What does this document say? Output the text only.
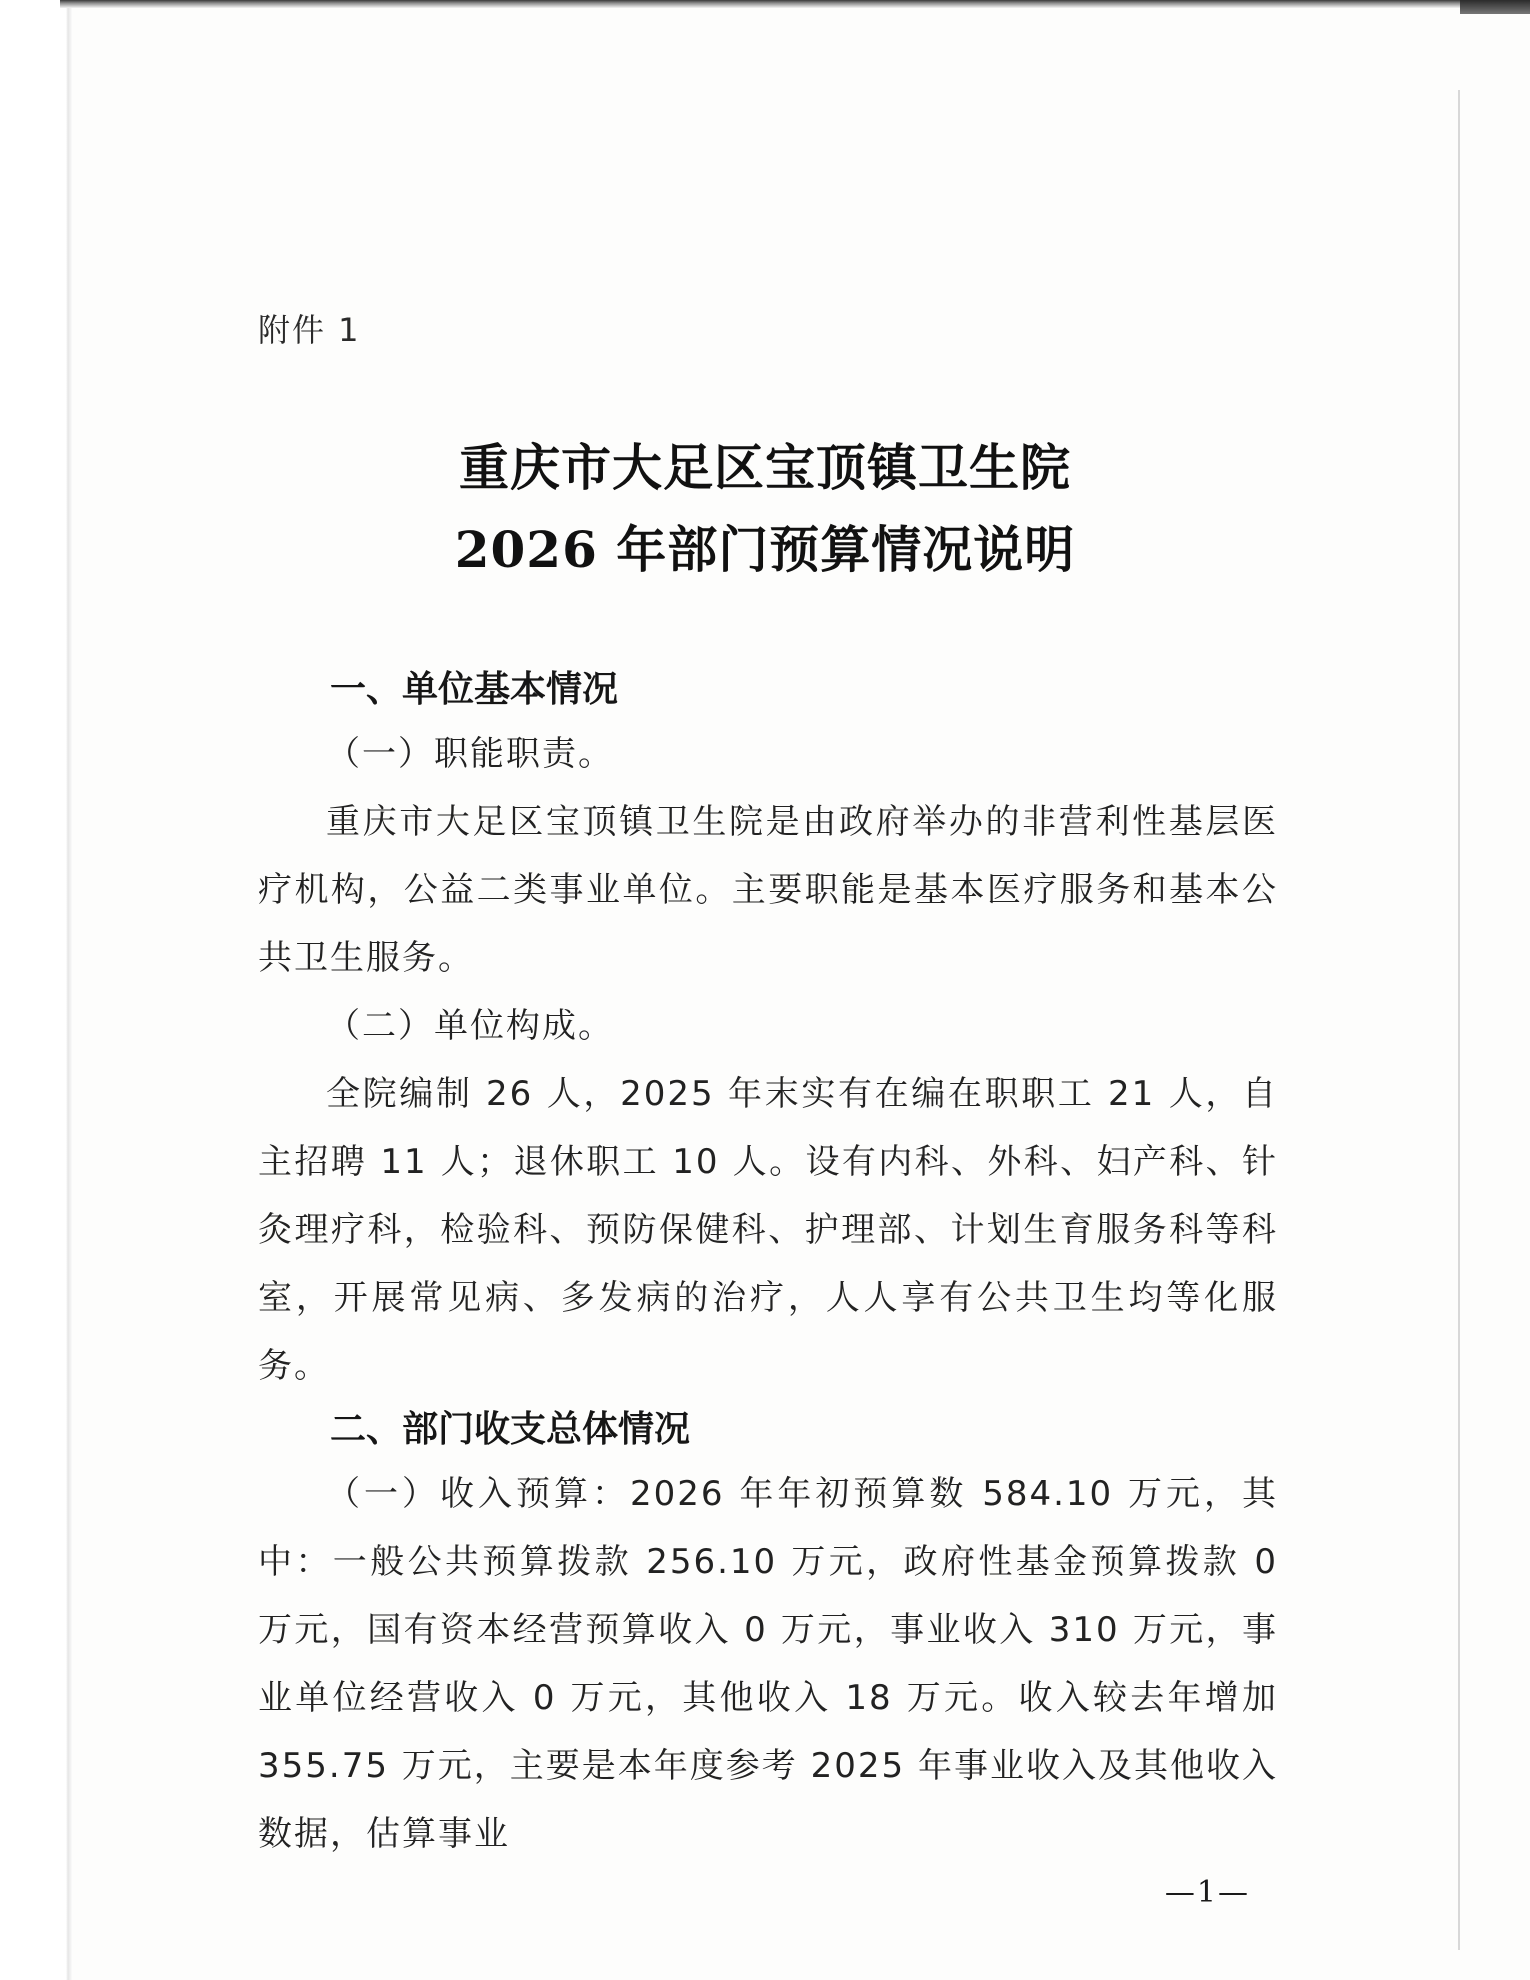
附件 1
重庆市大足区宝顶镇卫生院
2026 年部门预算情况说明
一、单位基本情况

（一）职能职责。

重庆市大足区宝顶镇卫生院是由政府举办的非营利性基层医疗机构，公益二类事业单位。主要职能是基本医疗服务和基本公共卫生服务。

（二）单位构成。

全院编制 26 人，2025 年末实有在编在职职工 21 人，自主招聘 11 人；退休职工 10 人。设有内科、外科、妇产科、针灸理疗科，检验科、预防保健科、护理部、计划生育服务科等科室，开展常见病、多发病的治疗，人人享有公共卫生均等化服务。

二、部门收支总体情况

（一）收入预算：2026 年年初预算数 584.10 万元，其中：一般公共预算拨款 256.10 万元，政府性基金预算拨款 0 万元，国有资本经营预算收入 0 万元，事业收入 310 万元，事业单位经营收入 0 万元，其他收入 18 万元。收入较去年增加 355.75 万元，主要是本年度参考 2025 年事业收入及其他收入数据，估算事业

—1—
